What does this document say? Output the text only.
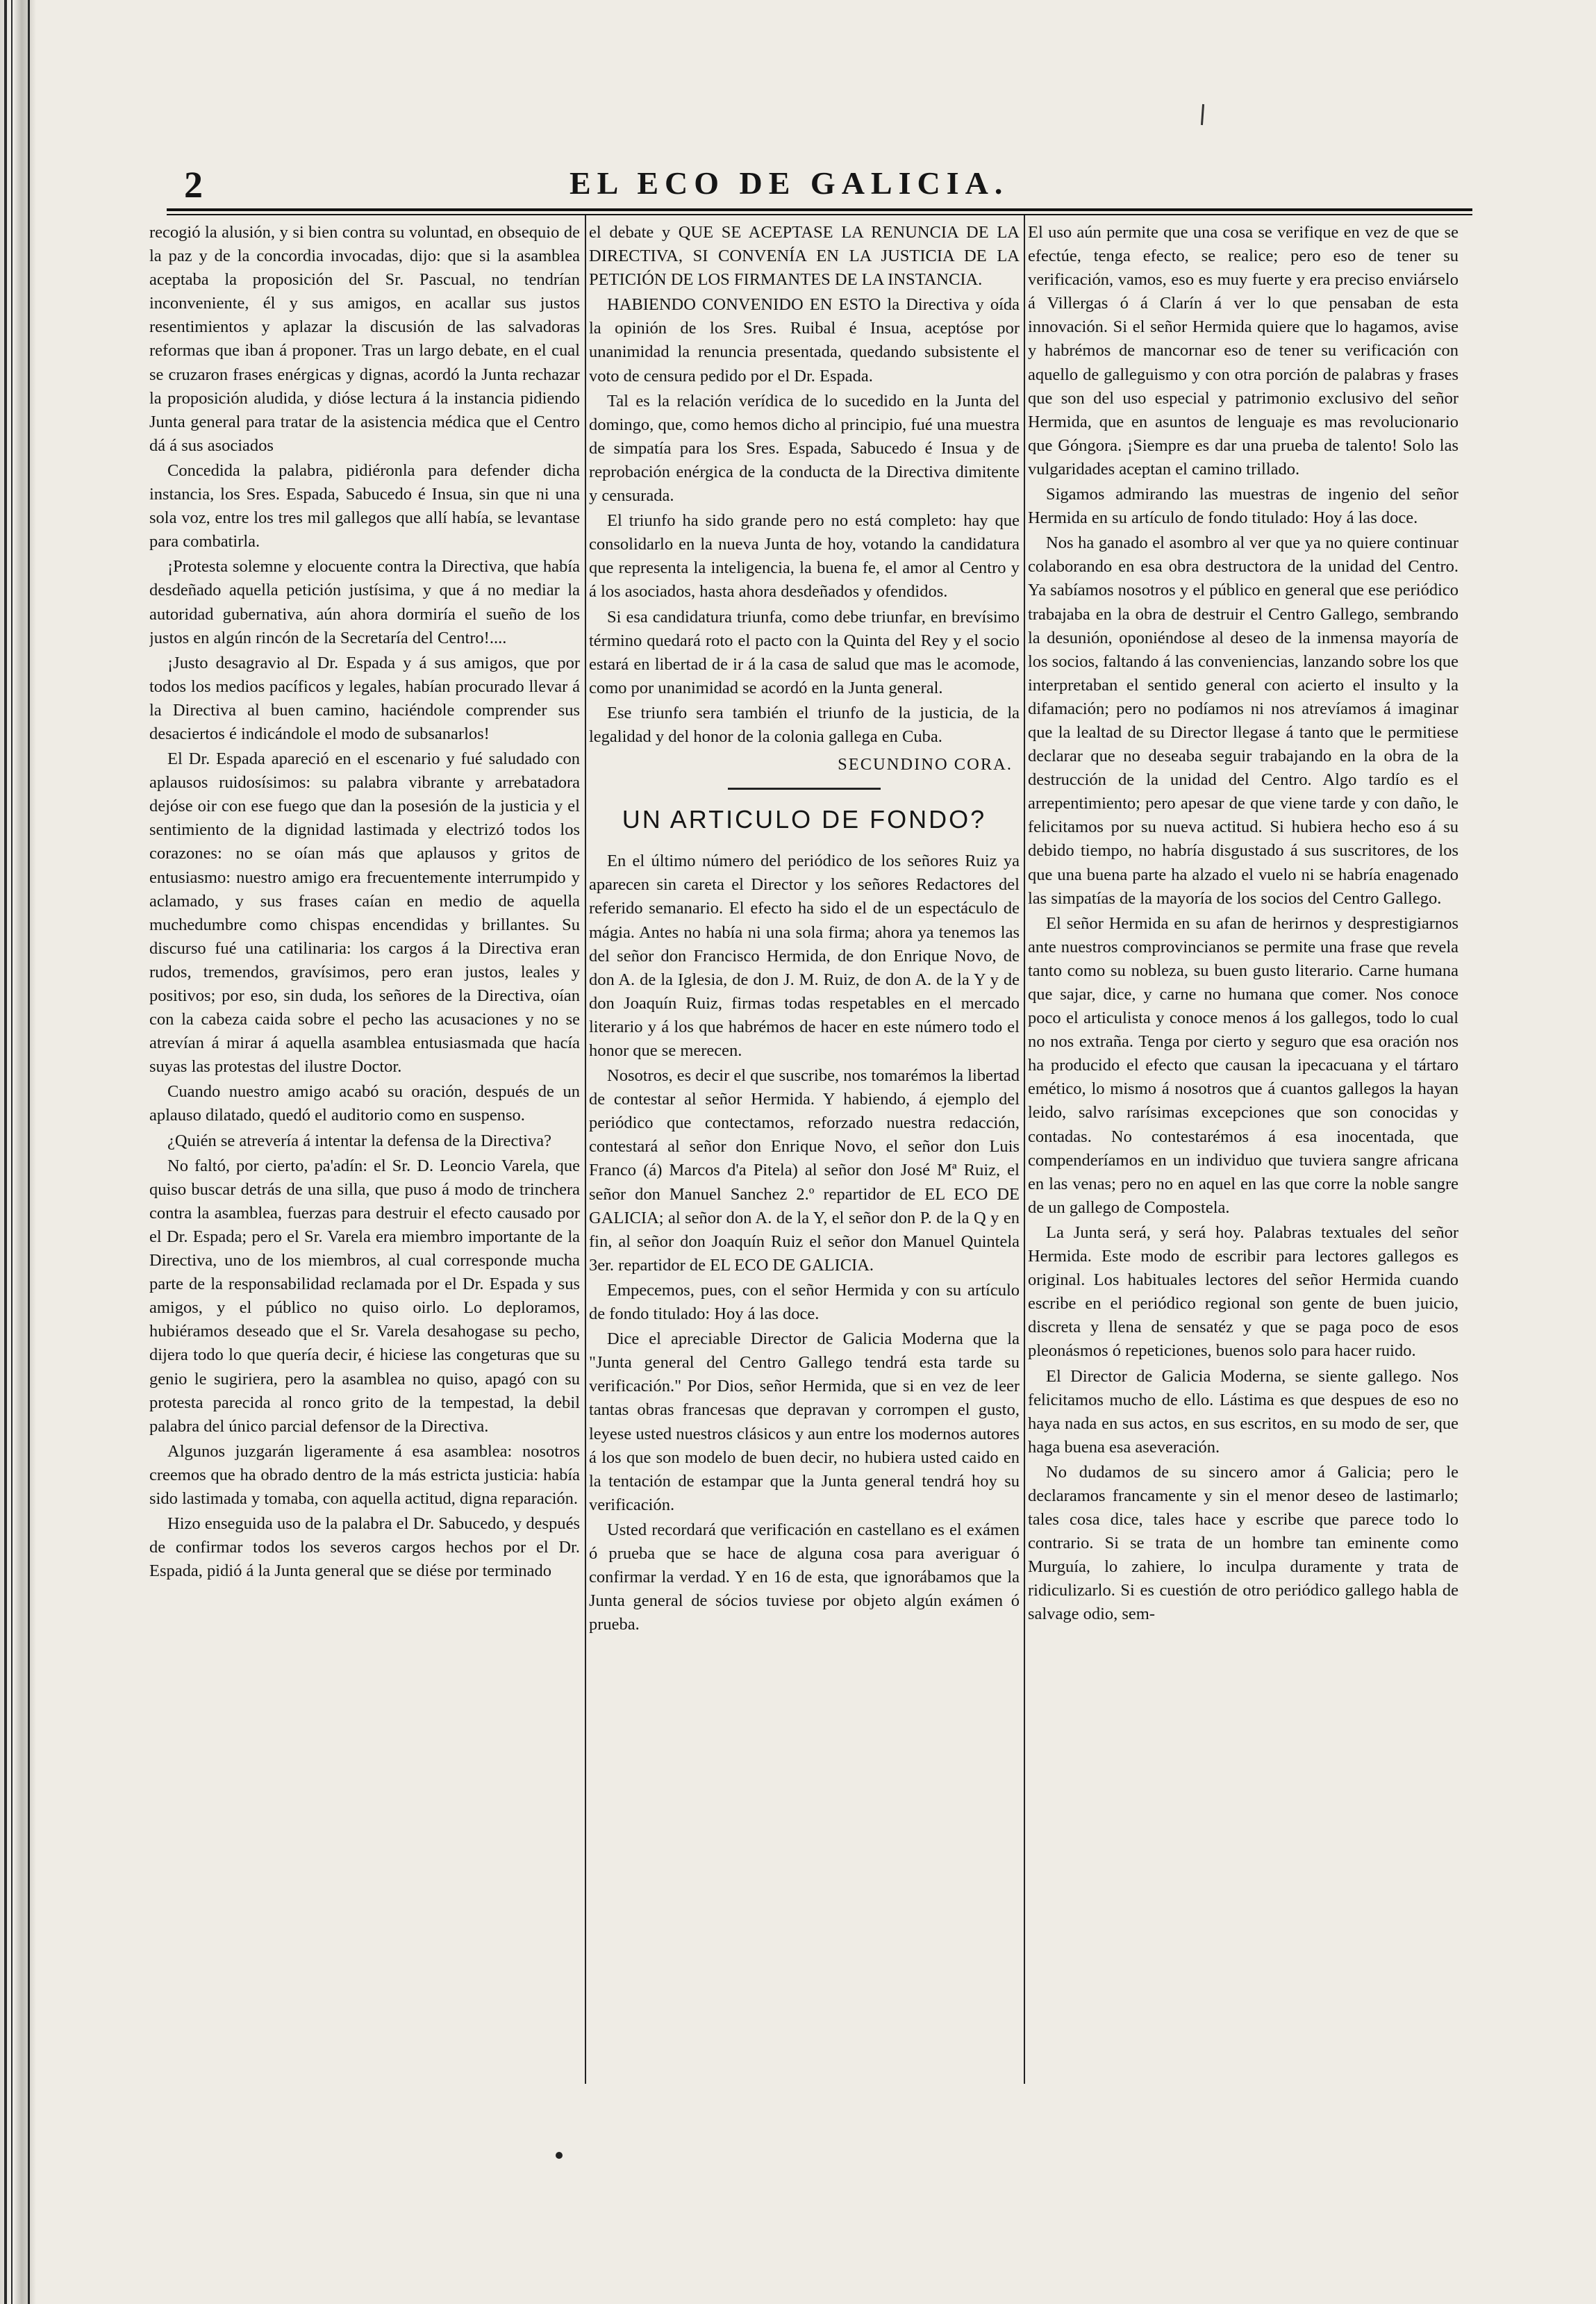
2	EL ECO DE GALICIA.

recogió la alusión, y si bien contra su voluntad, en obsequio de la paz y de la concordia invocadas, dijo: que si la asamblea aceptaba la proposición del Sr. Pascual, no tendrían inconveniente, él y sus amigos, en acallar sus justos resentimientos y aplazar la discusión de las salvadoras reformas que iban á proponer. Tras un largo debate, en el cual se cruzaron frases enérgicas y dignas, acordó la Junta rechazar la proposición aludida, y dióse lectura á la instancia pidiendo Junta general para tratar de la asistencia médica que el Centro dá á sus asociados

Concedida la palabra, pidiéronla para defender dicha instancia, los Sres. Espada, Sabucedo é Insua, sin que ni una sola voz, entre los tres mil gallegos que allí había, se levantase para combatirla.

¡Protesta solemne y elocuente contra la Directiva, que había desdeñado aquella petición justísima, y que á no mediar la autoridad gubernativa, aún ahora dormiría el sueño de los justos en algún rincón de la Secretaría del Centro!....

¡Justo desagravio al Dr. Espada y á sus amigos, que por todos los medios pacíficos y legales, habían procurado llevar á la Directiva al buen camino, haciéndole comprender sus desaciertos é indicándole el modo de subsanarlos!

El Dr. Espada apareció en el escenario y fué saludado con aplausos ruidosísimos: su palabra vibrante y arrebatadora dejóse oir con ese fuego que dan la posesión de la justicia y el sentimiento de la dignidad lastimada y electrizó todos los corazones: no se oían más que aplausos y gritos de entusiasmo: nuestro amigo era frecuentemente interrumpido y aclamado, y sus frases caían en medio de aquella muchedumbre como chispas encendidas y brillantes. Su discurso fué una catilinaria: los cargos á la Directiva eran rudos, tremendos, gravísimos, pero eran justos, leales y positivos; por eso, sin duda, los señores de la Directiva, oían con la cabeza caida sobre el pecho las acusaciones y no se atrevían á mirar á aquella asamblea entusiasmada que hacía suyas las protestas del ilustre Doctor.

Cuando nuestro amigo acabó su oración, después de un aplauso dilatado, quedó el auditorio como en suspenso.

¿Quién se atrevería á intentar la defensa de la Directiva?

No faltó, por cierto, pa'adín: el Sr. D. Leoncio Varela, que quiso buscar detrás de una silla, que puso á modo de trinchera contra la asamblea, fuerzas para destruir el efecto causado por el Dr. Espada; pero el Sr. Varela era miembro importante de la Directiva, uno de los miembros, al cual corresponde mucha parte de la responsabilidad reclamada por el Dr. Espada y sus amigos, y el público no quiso oirlo. Lo deploramos, hubiéramos deseado que el Sr. Varela desahogase su pecho, dijera todo lo que quería decir, é hiciese las congeturas que su genio le sugiriera, pero la asamblea no quiso, apagó con su protesta parecida al ronco grito de la tempestad, la debil palabra del único parcial defensor de la Directiva.

Algunos juzgarán ligeramente á esa asamblea: nosotros creemos que ha obrado dentro de la más estricta justicia: había sido lastimada y tomaba, con aquella actitud, digna reparación.

Hizo enseguida uso de la palabra el Dr. Sabucedo, y después de confirmar todos los severos cargos hechos por el Dr. Espada, pidió á la Junta general que se diése por terminado

el debate y QUE SE ACEPTASE LA RENUNCIA DE LA DIRECTIVA, SI CONVENÍA EN LA JUSTICIA DE LA PETICIÓN DE LOS FIRMANTES DE LA INSTANCIA.

HABIENDO CONVENIDO EN ESTO la Directiva y oída la opinión de los Sres. Ruibal é Insua, aceptóse por unanimidad la renuncia presentada, quedando subsistente el voto de censura pedido por el Dr. Espada.

Tal es la relación verídica de lo sucedido en la Junta del domingo, que, como hemos dicho al principio, fué una muestra de simpatía para los Sres. Espada, Sabucedo é Insua y de reprobación enérgica de la conducta de la Directiva dimitente y censurada.

El triunfo ha sido grande pero no está completo: hay que consolidarlo en la nueva Junta de hoy, votando la candidatura que representa la inteligencia, la buena fe, el amor al Centro y á los asociados, hasta ahora desdeñados y ofendidos.

Si esa candidatura triunfa, como debe triunfar, en brevísimo término quedará roto el pacto con la Quinta del Rey y el socio estará en libertad de ir á la casa de salud que mas le acomode, como por unanimidad se acordó en la Junta general.

Ese triunfo sera también el triunfo de la justicia, de la legalidad y del honor de la colonia gallega en Cuba.

SECUNDINO CORA.
UN ARTICULO DE FONDO?

En el último número del periódico de los señores Ruiz ya aparecen sin careta el Director y los señores Redactores del referido semanario. El efecto ha sido el de un espectáculo de mágia. Antes no había ni una sola firma; ahora ya tenemos las del señor don Francisco Hermida, de don Enrique Novo, de don A. de la Iglesia, de don J. M. Ruiz, de don A. de la Y y de don Joaquín Ruiz, firmas todas respetables en el mercado literario y á los que habrémos de hacer en este número todo el honor que se merecen.

Nosotros, es decir el que suscribe, nos tomarémos la libertad de contestar al señor Hermida. Y habiendo, á ejemplo del periódico que contectamos, reforzado nuestra redacción, contestará al señor don Enrique Novo, el señor don Luis Franco (á) Marcos d'a Pitela) al señor don José Mª Ruiz, el señor don Manuel Sanchez 2.º repartidor de EL ECO DE GALICIA; al señor don A. de la Y, el señor don P. de la Q y en fin, al señor don Joaquín Ruiz el señor don Manuel Quintela 3er. repartidor de EL ECO DE GALICIA.

Empecemos, pues, con el señor Hermida y con su artículo de fondo titulado: Hoy á las doce.

Dice el apreciable Director de Galicia Moderna que la "Junta general del Centro Gallego tendrá esta tarde su verificación." Por Dios, señor Hermida, que si en vez de leer tantas obras francesas que depravan y corrompen el gusto, leyese usted nuestros clásicos y aun entre los modernos autores á los que son modelo de buen decir, no hubiera usted caido en la tentación de estampar que la Junta general tendrá hoy su verificación.

Usted recordará que verificación en castellano es el exámen ó prueba que se hace de alguna cosa para averiguar ó confirmar la verdad. Y en 16 de esta, que ignorábamos que la Junta general de sócios tuviese por objeto algún exámen ó prueba.

El uso aún permite que una cosa se verifique en vez de que se efectúe, tenga efecto, se realice; pero eso de tener su verificación, vamos, eso es muy fuerte y era preciso enviárselo á Villergas ó á Clarín á ver lo que pensaban de esta innovación. Si el señor Hermida quiere que lo hagamos, avise y habrémos de mancornar eso de tener su verificación con aquello de galleguismo y con otra porción de palabras y frases que son del uso especial y patrimonio exclusivo del señor Hermida, que en asuntos de lenguaje es mas revolucionario que Góngora. ¡Siempre es dar una prueba de talento! Solo las vulgaridades aceptan el camino trillado.

Sigamos admirando las muestras de ingenio del señor Hermida en su artículo de fondo titulado: Hoy á las doce.

Nos ha ganado el asombro al ver que ya no quiere continuar colaborando en esa obra destructora de la unidad del Centro. Ya sabíamos nosotros y el público en general que ese periódico trabajaba en la obra de destruir el Centro Gallego, sembrando la desunión, oponiéndose al deseo de la inmensa mayoría de los socios, faltando á las conveniencias, lanzando sobre los que interpretaban el sentido general con acierto el insulto y la difamación; pero no podíamos ni nos atrevíamos á imaginar que la lealtad de su Director llegase á tanto que le permitiese declarar que no deseaba seguir trabajando en la obra de la destrucción de la unidad del Centro. Algo tardío es el arrepentimiento; pero apesar de que viene tarde y con daño, le felicitamos por su nueva actitud. Si hubiera hecho eso á su debido tiempo, no habría disgustado á sus suscritores, de los que una buena parte ha alzado el vuelo ni se habría enagenado las simpatías de la mayoría de los socios del Centro Gallego.

El señor Hermida en su afan de herirnos y desprestigiarnos ante nuestros comprovincianos se permite una frase que revela tanto como su nobleza, su buen gusto literario. Carne humana que sajar, dice, y carne no humana que comer. Nos conoce poco el articulista y conoce menos á los gallegos, todo lo cual no nos extraña. Tenga por cierto y seguro que esa oración nos ha producido el efecto que causan la ipecacuana y el tártaro emético, lo mismo á nosotros que á cuantos gallegos la hayan leido, salvo rarísimas excepciones que son conocidas y contadas. No contestarémos á esa inocentada, que compenderíamos en un individuo que tuviera sangre africana en las venas; pero no en aquel en las que corre la noble sangre de un gallego de Compostela.

La Junta será, y será hoy. Palabras textuales del señor Hermida. Este modo de escribir para lectores gallegos es original. Los habituales lectores del señor Hermida cuando escribe en el periódico regional son gente de buen juicio, discreta y llena de sensatéz y que se paga poco de esos pleonásmos ó repeticiones, buenos solo para hacer ruido.

El Director de Galicia Moderna, se siente gallego. Nos felicitamos mucho de ello. Lástima es que despues de eso no haya nada en sus actos, en sus escritos, en su modo de ser, que haga buena esa aseveración.

No dudamos de su sincero amor á Galicia; pero le declaramos francamente y sin el menor deseo de lastimarlo; tales cosa dice, tales hace y escribe que parece todo lo contrario. Si se trata de un hombre tan eminente como Murguía, lo zahiere, lo inculpa duramente y trata de ridiculizarlo. Si es cuestión de otro periódico gallego habla de salvage odio, sem-
